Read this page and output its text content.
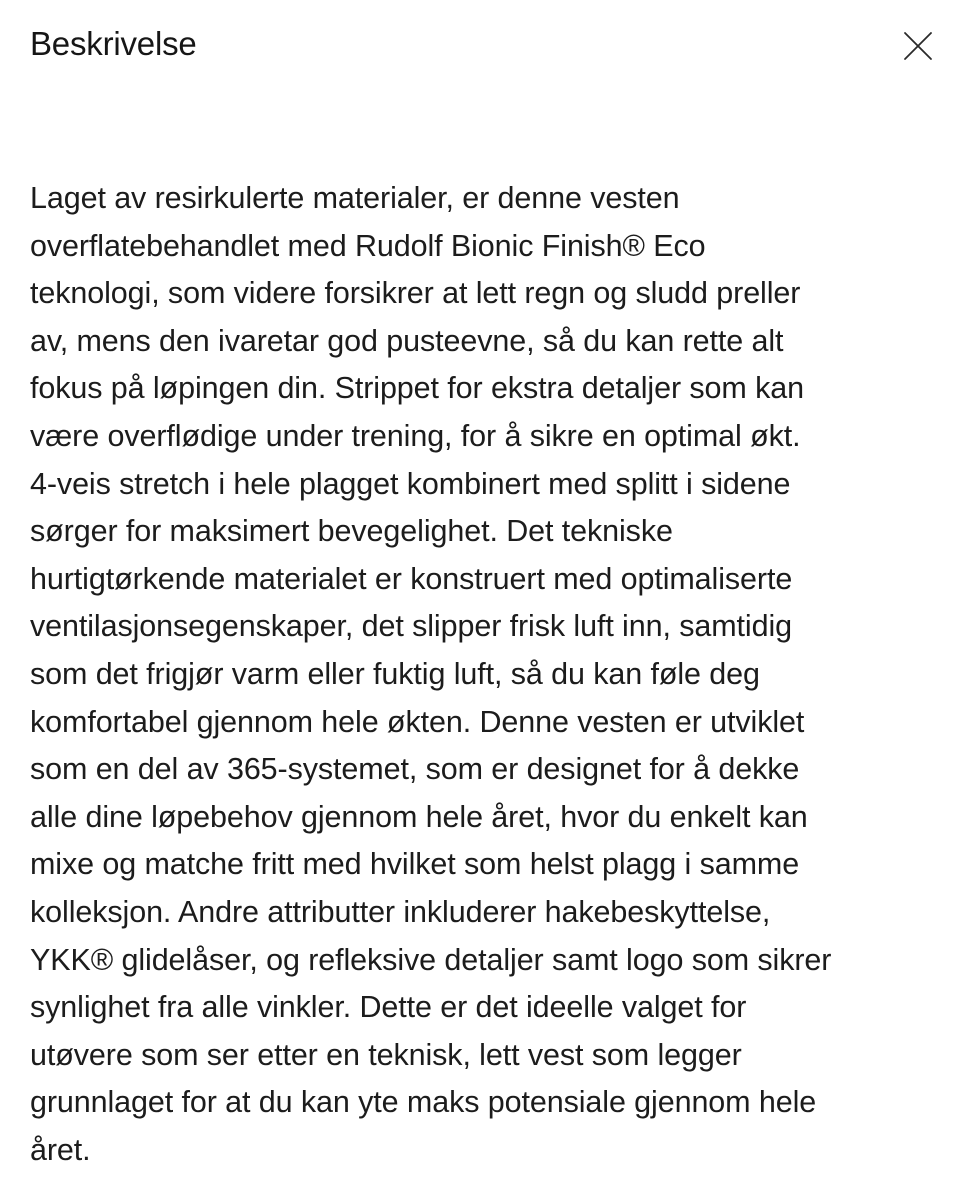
Beskrivelse

Laget av resirkulerte materialer, er denne vesten
overflatebehandlet med Rudolf Bionic Finish® Eco
teknologi, som videre forsikrer at lett regn og sludd preller
av, mens den ivaretar god pusteevne, så du kan rette alt
fokus på løpingen din. Strippet for ekstra detaljer som kan
være overflødige under trening, for å sikre en optimal økt.
4-veis stretch i hele plagget kombinert med splitt i sidene
sørger for maksimert bevegelighet. Det tekniske
hurtigtørkende materialet er konstruert med optimaliserte
ventilasjonsegenskaper, det slipper frisk luft inn, samtidig
som det frigjør varm eller fuktig luft, så du kan føle deg
komfortabel gjennom hele økten. Denne vesten er utviklet
som en del av 365-systemet, som er designet for å dekke
alle dine løpebehov gjennom hele året, hvor du enkelt kan
mixe og matche fritt med hvilket som helst plagg i samme
kolleksjon. Andre attributter inkluderer hakebeskyttelse,
YKK® glidelåser, og refleksive detaljer samt logo som sikrer
synlighet fra alle vinkler. Dette er det ideelle valget for
utøvere som ser etter en teknisk, lett vest som legger
grunnlaget for at du kan yte maks potensiale gjennom hele
året.
